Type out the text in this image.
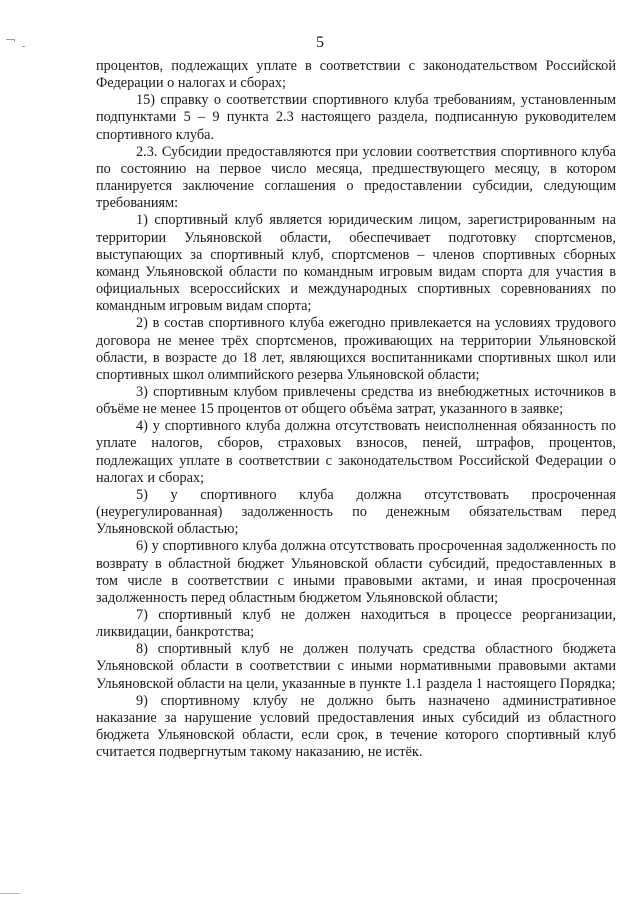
5

процентов, подлежащих уплате в соответствии с законодательством Российской Федерации о налогах и сборах;

15) справку о соответствии спортивного клуба требованиям, установленным подпунктами 5 – 9 пункта 2.3 настоящего раздела, подписанную руководителем спортивного клуба.

2.3. Субсидии предоставляются при условии соответствия спортивного клуба по состоянию на первое число месяца, предшествующего месяцу, в котором планируется заключение соглашения о предоставлении субсидии, следующим требованиям:

1) спортивный клуб является юридическим лицом, зарегистрированным на территории Ульяновской области, обеспечивает подготовку спортсменов, выступающих за спортивный клуб, спортсменов – членов спортивных сборных команд Ульяновской области по командным игровым видам спорта для участия в официальных всероссийских и международных спортивных соревнованиях по командным игровым видам спорта;

2) в состав спортивного клуба ежегодно привлекается на условиях трудового договора не менее трёх спортсменов, проживающих на территории Ульяновской области, в возрасте до 18 лет, являющихся воспитанниками спортивных школ или спортивных школ олимпийского резерва Ульяновской области;

3) спортивным клубом привлечены средства из внебюджетных источников в объёме не менее 15 процентов от общего объёма затрат, указанного в заявке;

4) у спортивного клуба должна отсутствовать неисполненная обязанность по уплате налогов, сборов, страховых взносов, пеней, штрафов, процентов, подлежащих уплате в соответствии с законодательством Российской Федерации о налогах и сборах;

5) у спортивного клуба должна отсутствовать просроченная (неурегулированная) задолженность по денежным обязательствам перед Ульяновской областью;

6) у спортивного клуба должна отсутствовать просроченная задолженность по возврату в областной бюджет Ульяновской области субсидий, предоставленных в том числе в соответствии с иными правовыми актами, и иная просроченная задолженность перед областным бюджетом Ульяновской области;

7) спортивный клуб не должен находиться в процессе реорганизации, ликвидации, банкротства;

8) спортивный клуб не должен получать средства областного бюджета Ульяновской области в соответствии с иными нормативными правовыми актами Ульяновской области на цели, указанные в пункте 1.1 раздела 1 настоящего Порядка;

9) спортивному клубу не должно быть назначено административное наказание за нарушение условий предоставления иных субсидий из областного бюджета Ульяновской области, если срок, в течение которого спортивный клуб считается подвергнутым такому наказанию, не истёк.
